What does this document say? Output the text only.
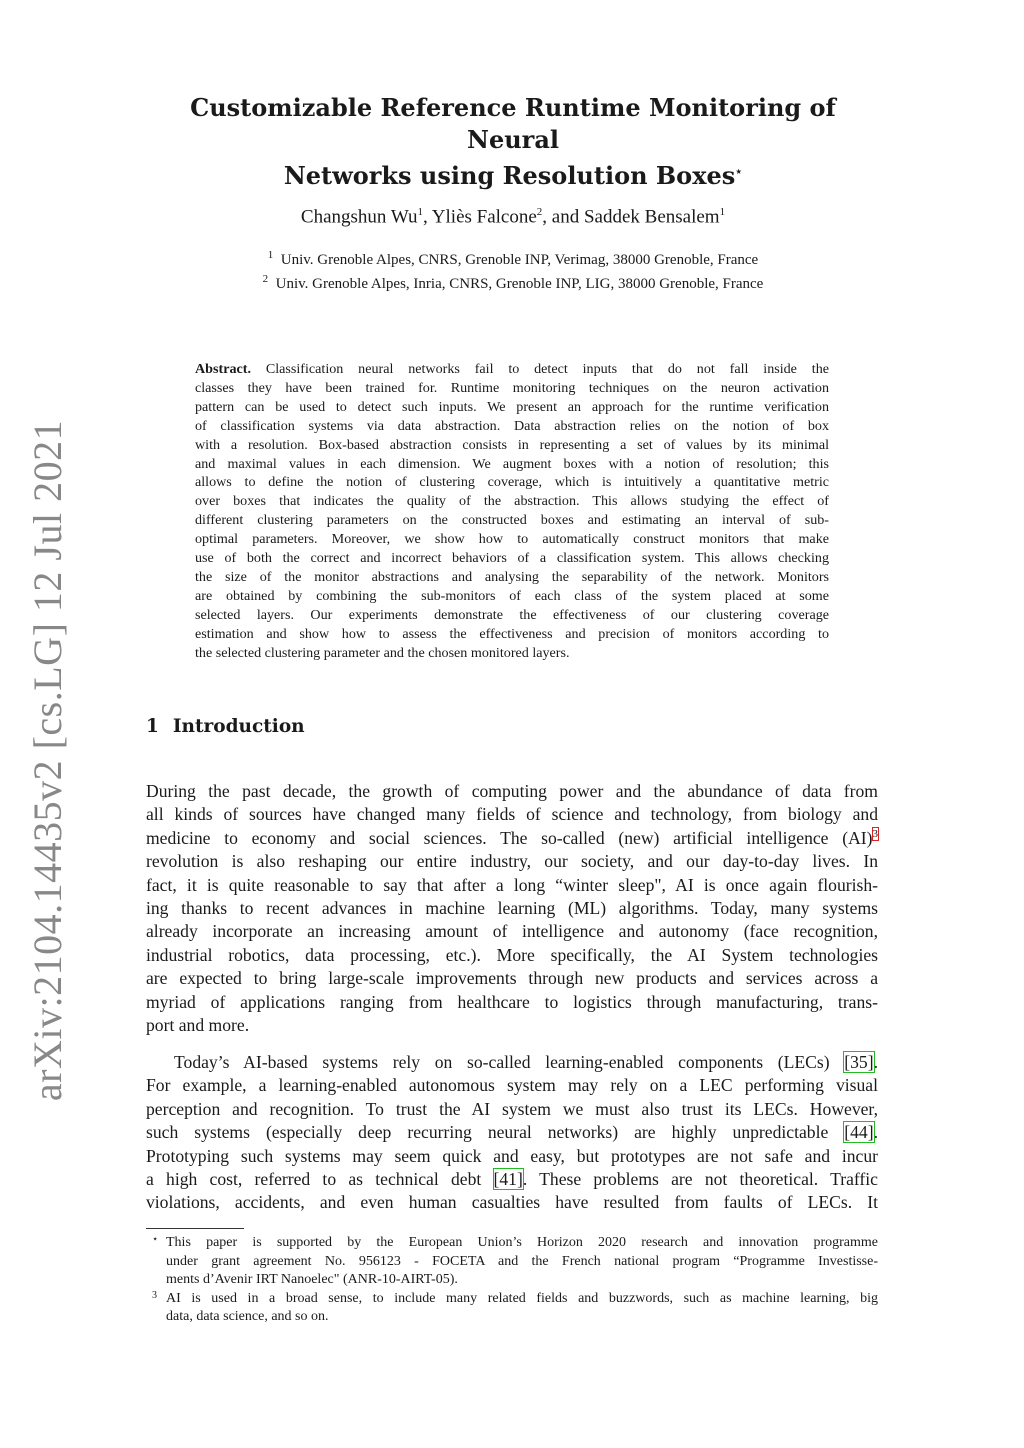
arXiv:2104.14435v2 [cs.LG] 12 Jul 2021
Customizable Reference Runtime Monitoring of Neural
Networks using Resolution Boxes⋆
Changshun Wu$^1$, Yliès Falcone$^2$, and Saddek Bensalem$^1$
$^1$ Univ. Grenoble Alpes, CNRS, Grenoble INP, Verimag, 38000 Grenoble, France
$^2$ Univ. Grenoble Alpes, Inria, CNRS, Grenoble INP, LIG, 38000 Grenoble, France
Abstract. Classification neural networks fail to detect inputs that do not fall inside the
classes they have been trained for. Runtime monitoring techniques on the neuron activation
pattern can be used to detect such inputs. We present an approach for the runtime verification
of classification systems via data abstraction. Data abstraction relies on the notion of box
with a resolution. Box-based abstraction consists in representing a set of values by its minimal
and maximal values in each dimension. We augment boxes with a notion of resolution; this
allows to define the notion of clustering coverage, which is intuitively a quantitative metric
over boxes that indicates the quality of the abstraction. This allows studying the effect of
different clustering parameters on the constructed boxes and estimating an interval of sub-
optimal parameters. Moreover, we show how to automatically construct monitors that make
use of both the correct and incorrect behaviors of a classification system. This allows checking
the size of the monitor abstractions and analysing the separability of the network. Monitors
are obtained by combining the sub-monitors of each class of the system placed at some
selected layers. Our experiments demonstrate the effectiveness of our clustering coverage
estimation and show how to assess the effectiveness and precision of monitors according to
the selected clustering parameter and the chosen monitored layers.
1 Introduction
During the past decade, the growth of computing power and the abundance of data from
all kinds of sources have changed many fields of science and technology, from biology and
medicine to economy and social sciences. The so-called (new) artificial intelligence (AI)$^3$
revolution is also reshaping our entire industry, our society, and our day-to-day lives. In
fact, it is quite reasonable to say that after a long “winter sleep", AI is once again flourish-
ing thanks to recent advances in machine learning (ML) algorithms. Today, many systems
already incorporate an increasing amount of intelligence and autonomy (face recognition,
industrial robotics, data processing, etc.). More specifically, the AI System technologies
are expected to bring large-scale improvements through new products and services across a
myriad of applications ranging from healthcare to logistics through manufacturing, trans-
port and more.
Today’s AI-based systems rely on so-called learning-enabled components (LECs) [35].
For example, a learning-enabled autonomous system may rely on a LEC performing visual
perception and recognition. To trust the AI system we must also trust its LECs. However,
such systems (especially deep recurring neural networks) are highly unpredictable [44].
Prototyping such systems may seem quick and easy, but prototypes are not safe and incur
a high cost, referred to as technical debt [41]. These problems are not theoretical. Traffic
violations, accidents, and even human casualties have resulted from faults of LECs. It
⋆ This paper is supported by the European Union’s Horizon 2020 research and innovation programme
under grant agreement No. 956123 - FOCETA and the French national program “Programme Investisse-
ments d’Avenir IRT Nanoelec" (ANR-10-AIRT-05).
3 AI is used in a broad sense, to include many related fields and buzzwords, such as machine learning, big
data, data science, and so on.
